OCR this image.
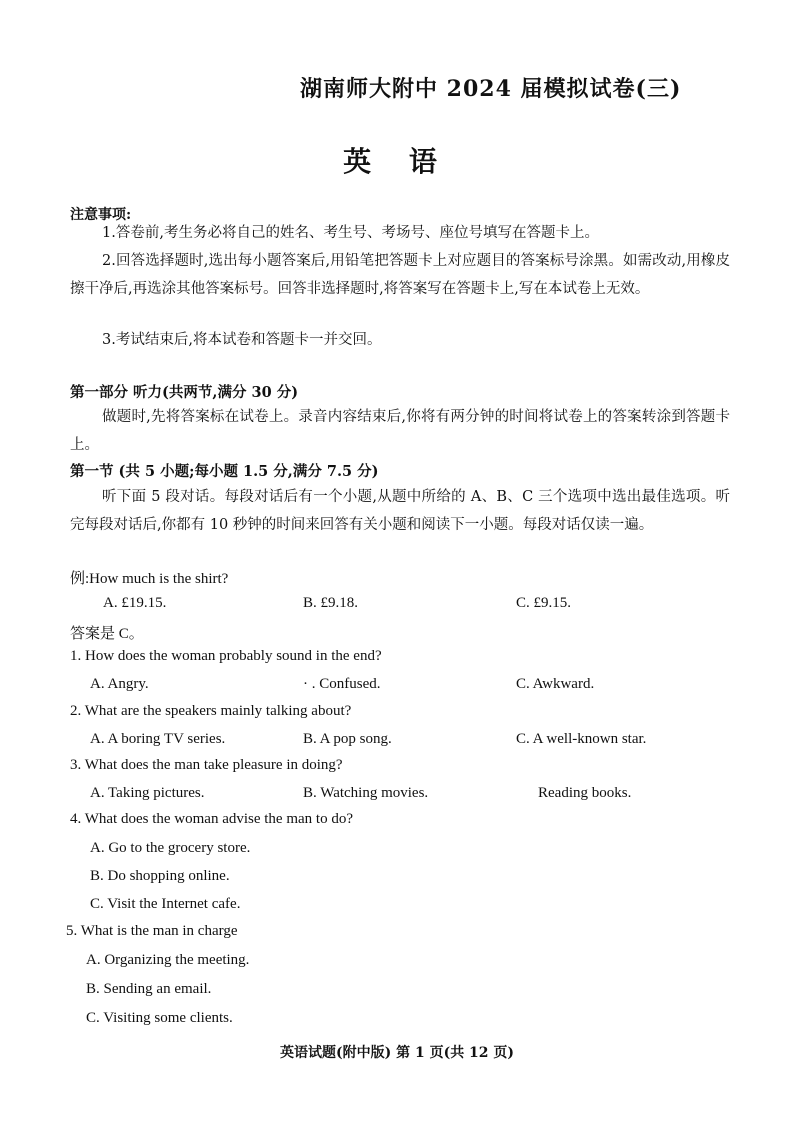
湖南师大附中 2024 届模拟试卷(三)
英 语
注意事项:
1.答卷前,考生务必将自己的姓名、考生号、考场号、座位号填写在答题卡上。
2.回答选择题时,选出每小题答案后,用铅笔把答题卡上对应题目的答案标号涂黑。如需改动,用橡皮擦干净后,再选涂其他答案标号。回答非选择题时,将答案写在答题卡上,写在本试卷上无效。
3.考试结束后,将本试卷和答题卡一并交回。
第一部分 听力(共两节,满分 30 分)
做题时,先将答案标在试卷上。录音内容结束后,你将有两分钟的时间将试卷上的答案转涂到答题卡上。
第一节 (共 5 小题;每小题 1.5 分,满分 7.5 分)
听下面 5 段对话。每段对话后有一个小题,从题中所给的 A、B、C 三个选项中选出最佳选项。听完每段对话后,你都有 10 秒钟的时间来回答有关小题和阅读下一小题。每段对话仅读一遍。
例:How much is the shirt?
A. £19.15.	B. £9.18.	C. £9.15.
答案是 C。
1. How does the woman probably sound in the end?
A. Angry.	· . Confused.	C. Awkward.
2. What are the speakers mainly talking about?
A. A boring TV series.	B. A pop song.	C. A well-known star.
3. What does the man take pleasure in doing?
A. Taking pictures.	B. Watching movies.	Reading books.
4. What does the woman advise the man to do?
A. Go to the grocery store.
B. Do shopping online.
C. Visit the Internet cafe.
5. What is the man in charge
A. Organizing the meeting.
B. Sending an email.
C. Visiting some clients.
英语试题(附中版) 第 1 页(共 12 页)
